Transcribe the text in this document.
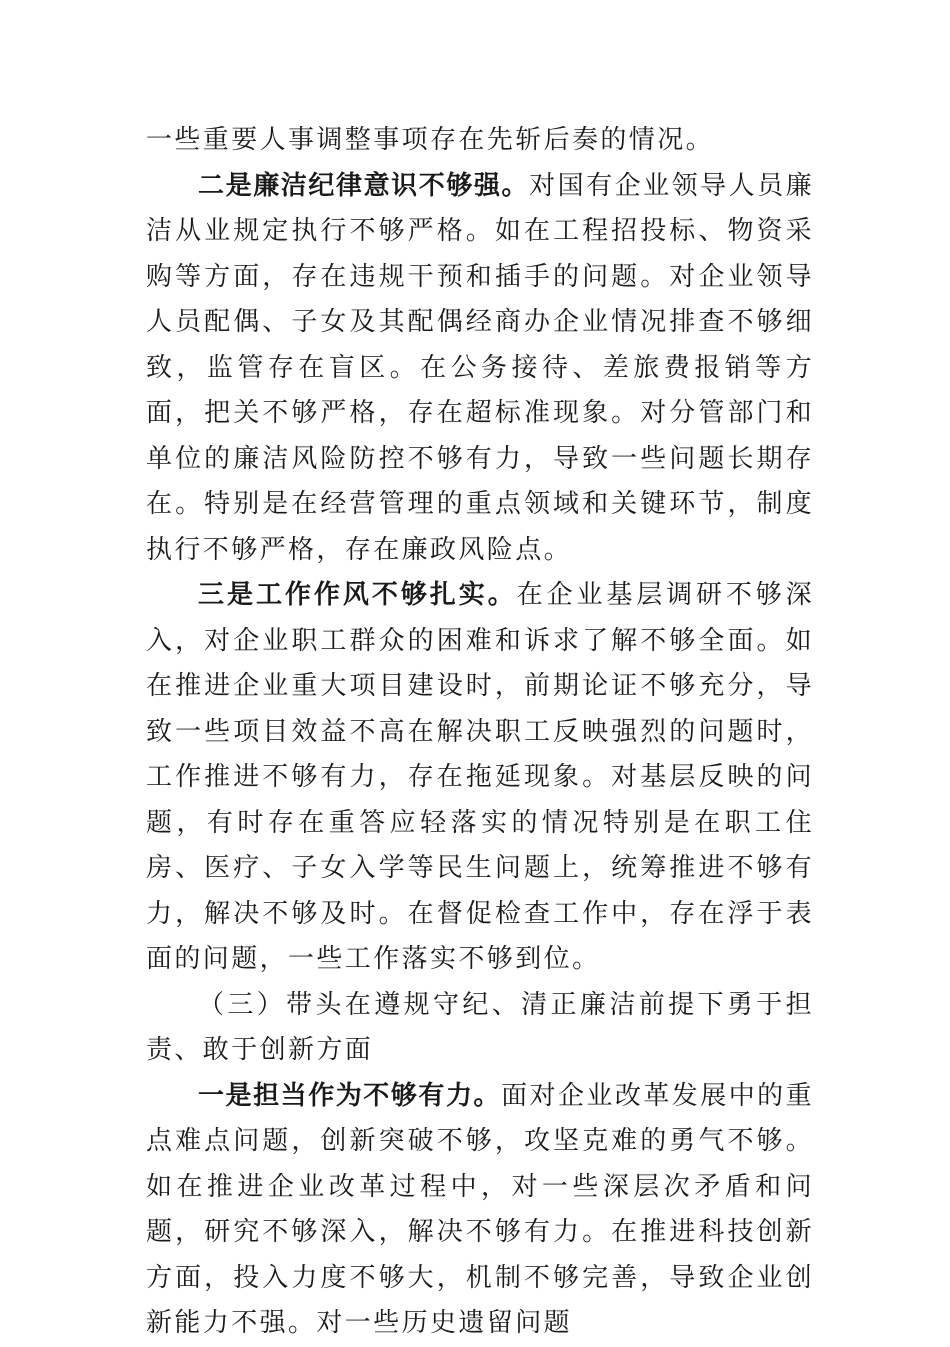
一些重要人事调整事项存在先斩后奏的情况。

二是廉洁纪律意识不够强。对国有企业领导人员廉洁从业规定执行不够严格。如在工程招投标、物资采购等方面，存在违规干预和插手的问题。对企业领导人员配偶、子女及其配偶经商办企业情况排查不够细致，监管存在盲区。在公务接待、差旅费报销等方面，把关不够严格，存在超标准现象。对分管部门和单位的廉洁风险防控不够有力，导致一些问题长期存在。特别是在经营管理的重点领域和关键环节，制度执行不够严格，存在廉政风险点。

三是工作作风不够扎实。在企业基层调研不够深入，对企业职工群众的困难和诉求了解不够全面。如在推进企业重大项目建设时，前期论证不够充分，导致一些项目效益不高在解决职工反映强烈的问题时，工作推进不够有力，存在拖延现象。对基层反映的问题，有时存在重答应轻落实的情况特别是在职工住房、医疗、子女入学等民生问题上，统筹推进不够有力，解决不够及时。在督促检查工作中，存在浮于表面的问题，一些工作落实不够到位。

（三）带头在遵规守纪、清正廉洁前提下勇于担责、敢于创新方面

一是担当作为不够有力。面对企业改革发展中的重点难点问题，创新突破不够，攻坚克难的勇气不够。如在推进企业改革过程中，对一些深层次矛盾和问题，研究不够深入，解决不够有力。在推进科技创新方面，投入力度不够大，机制不够完善，导致企业创新能力不强。对一些历史遗留问题
